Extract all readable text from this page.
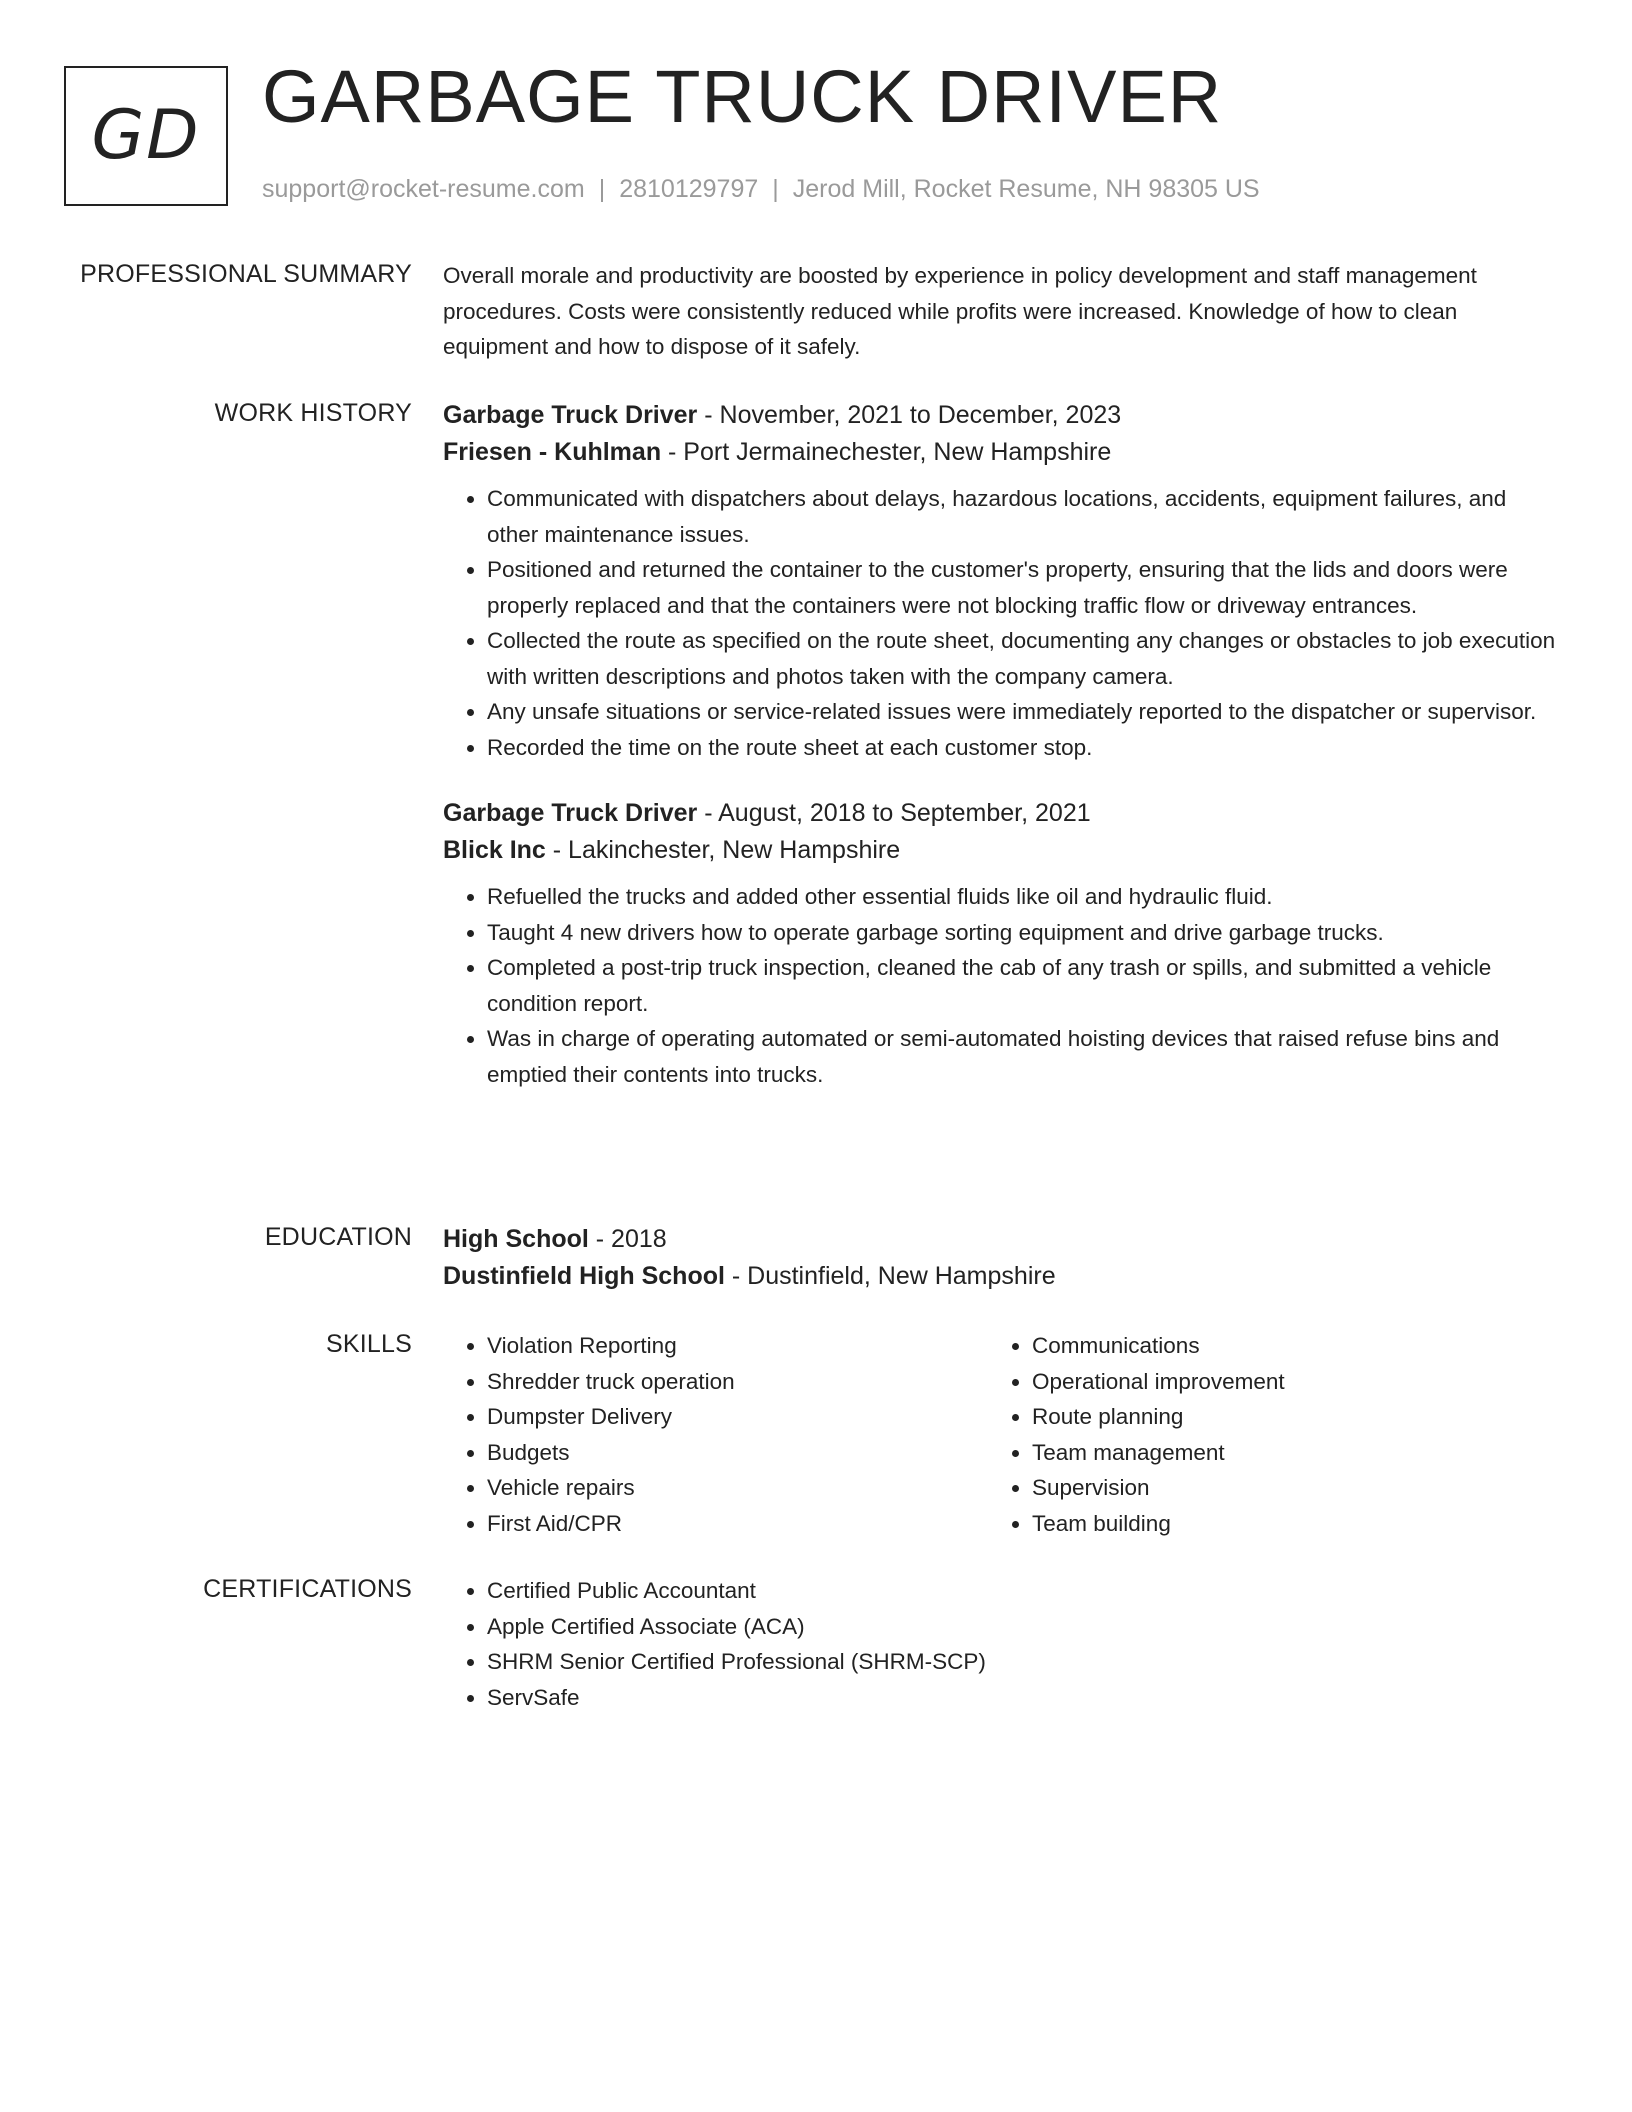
GD GARBAGE TRUCK DRIVER
support@rocket-resume.com | 2810129797 | Jerod Mill, Rocket Resume, NH 98305 US
PROFESSIONAL SUMMARY Overall morale and productivity are boosted by experience in policy development and staff management procedures. Costs were consistently reduced while profits were increased. Knowledge of how to clean equipment and how to dispose of it safely.

WORK HISTORY Garbage Truck Driver - November, 2021 to December, 2023
Friesen - Kuhlman - Port Jermainechester, New Hampshire
• Communicated with dispatchers about delays, hazardous locations, accidents, equipment failures, and other maintenance issues.
• Positioned and returned the container to the customer's property, ensuring that the lids and doors were properly replaced and that the containers were not blocking traffic flow or driveway entrances.
• Collected the route as specified on the route sheet, documenting any changes or obstacles to job execution with written descriptions and photos taken with the company camera.
• Any unsafe situations or service-related issues were immediately reported to the dispatcher or supervisor.
• Recorded the time on the route sheet at each customer stop.
Garbage Truck Driver - August, 2018 to September, 2021
Blick Inc - Lakinchester, New Hampshire
• Refuelled the trucks and added other essential fluids like oil and hydraulic fluid.
• Taught 4 new drivers how to operate garbage sorting equipment and drive garbage trucks.
• Completed a post-trip truck inspection, cleaned the cab of any trash or spills, and submitted a vehicle condition report.
• Was in charge of operating automated or semi-automated hoisting devices that raised refuse bins and emptied their contents into trucks.
EDUCATION High School - 2018
Dustinfield High School - Dustinfield, New Hampshire
SKILLS	• Violation Reporting
• Shredder truck operation
• Dumpster Delivery
• Budgets
• Vehicle repairs
• First Aid/CPR
• Communications
• Operational improvement
• Route planning
• Team management
• Supervision
• Team building
CERTIFICATIONS	• Certified Public Accountant
• Apple Certified Associate (ACA)
• SHRM Senior Certified Professional (SHRM-SCP)
• ServSafe
